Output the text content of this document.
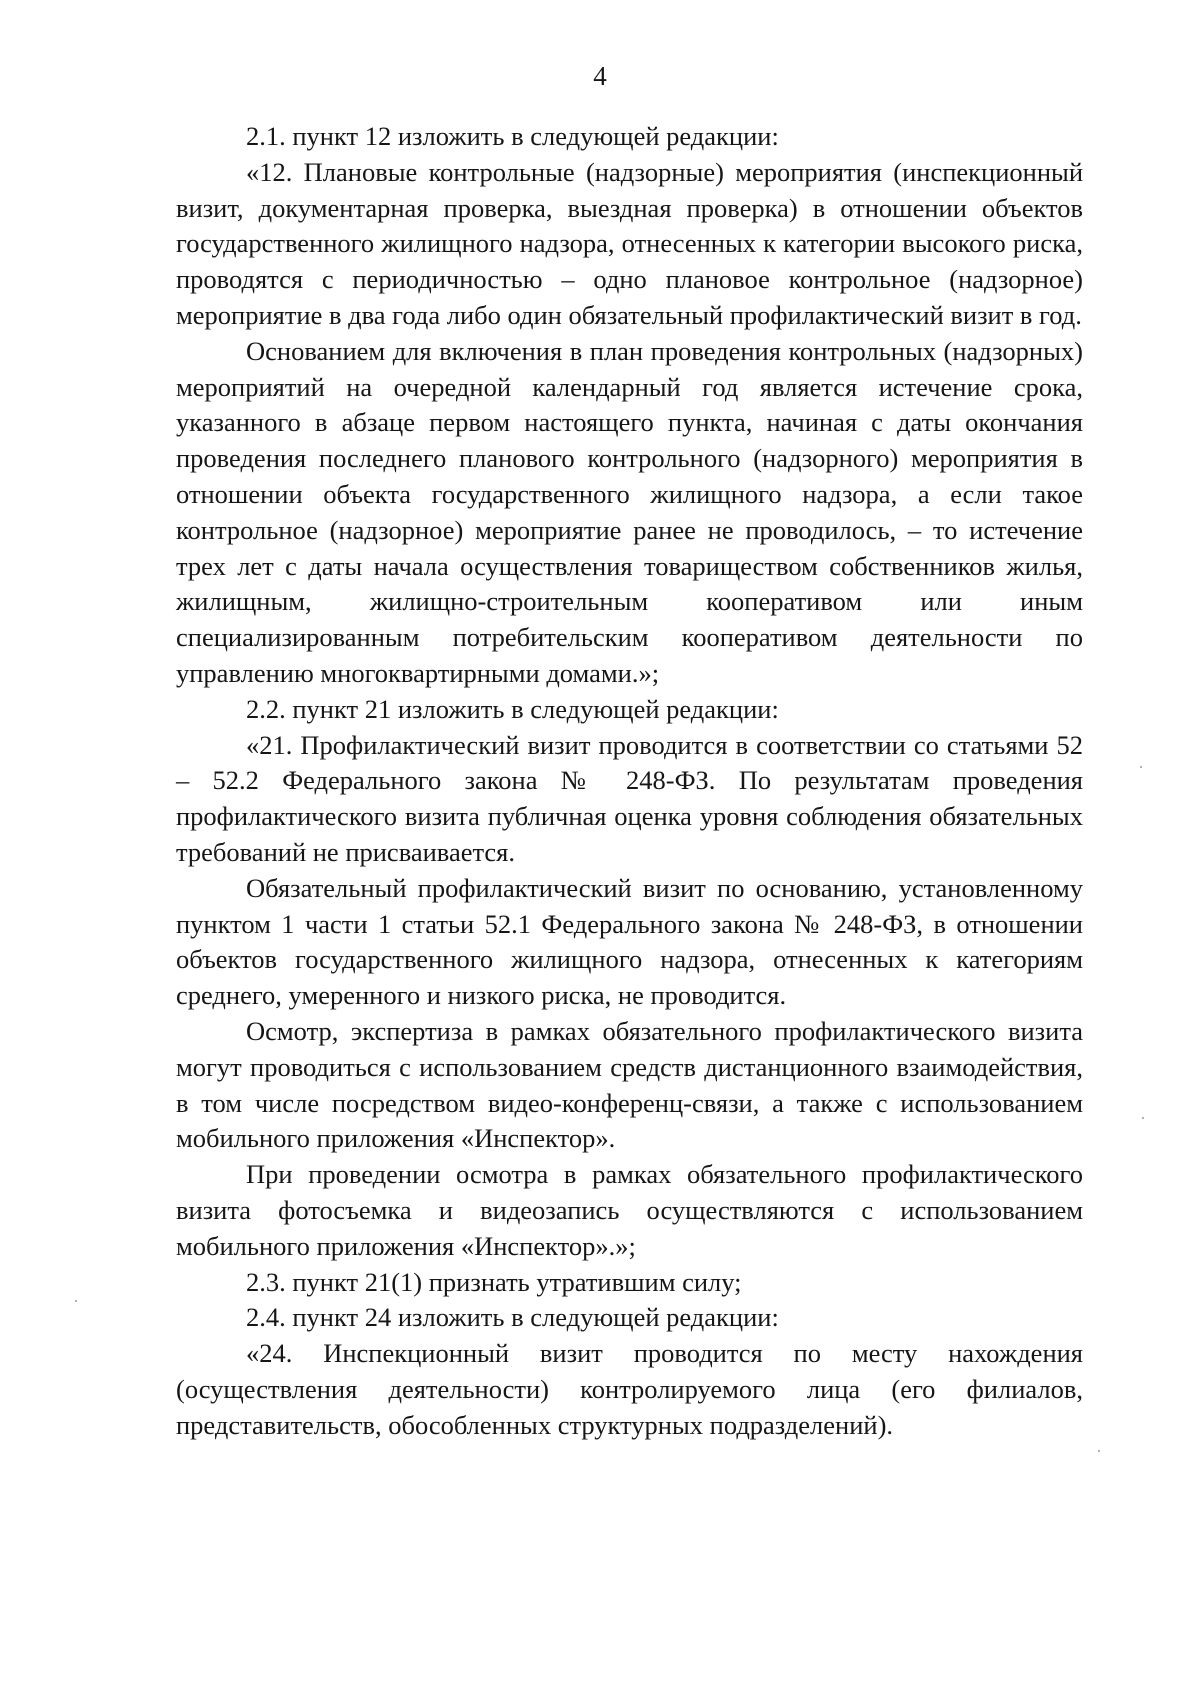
4

2.1. пункт 12 изложить в следующей редакции:

«12. Плановые контрольные (надзорные) мероприятия (инспекционный визит, документарная проверка, выездная проверка) в отношении объектов государственного жилищного надзора, отнесенных к категории высокого риска, проводятся с периодичностью – одно плановое контрольное (надзорное) мероприятие в два года либо один обязательный профилактический визит в год.

Основанием для включения в план проведения контрольных (надзорных) мероприятий на очередной календарный год является истечение срока, указанного в абзаце первом настоящего пункта, начиная с даты окончания проведения последнего планового контрольного (надзорного) мероприятия в отношении объекта государственного жилищного надзора, а если такое контрольное (надзорное) мероприятие ранее не проводилось, – то истечение трех лет с даты начала осуществления товариществом собственников жилья, жилищным, жилищно-строительным кооперативом или иным специализированным потребительским кооперативом деятельности по управлению многоквартирными домами.»;

2.2. пункт 21 изложить в следующей редакции:

«21. Профилактический визит проводится в соответствии со статьями 52 – 52.2 Федерального закона № 248-ФЗ. По результатам проведения профилактического визита публичная оценка уровня соблюдения обязательных требований не присваивается.

Обязательный профилактический визит по основанию, установленному пунктом 1 части 1 статьи 52.1 Федерального закона № 248-ФЗ, в отношении объектов государственного жилищного надзора, отнесенных к категориям среднего, умеренного и низкого риска, не проводится.

Осмотр, экспертиза в рамках обязательного профилактического визита могут проводиться с использованием средств дистанционного взаимодействия, в том числе посредством видео-конференц-связи, а также с использованием мобильного приложения «Инспектор».

При проведении осмотра в рамках обязательного профилактического визита фотосъемка и видеозапись осуществляются с использованием мобильного приложения «Инспектор».»;

2.3. пункт 21(1) признать утратившим силу;

2.4. пункт 24 изложить в следующей редакции:

«24. Инспекционный визит проводится по месту нахождения (осуществления деятельности) контролируемого лица (его филиалов, представительств, обособленных структурных подразделений).
